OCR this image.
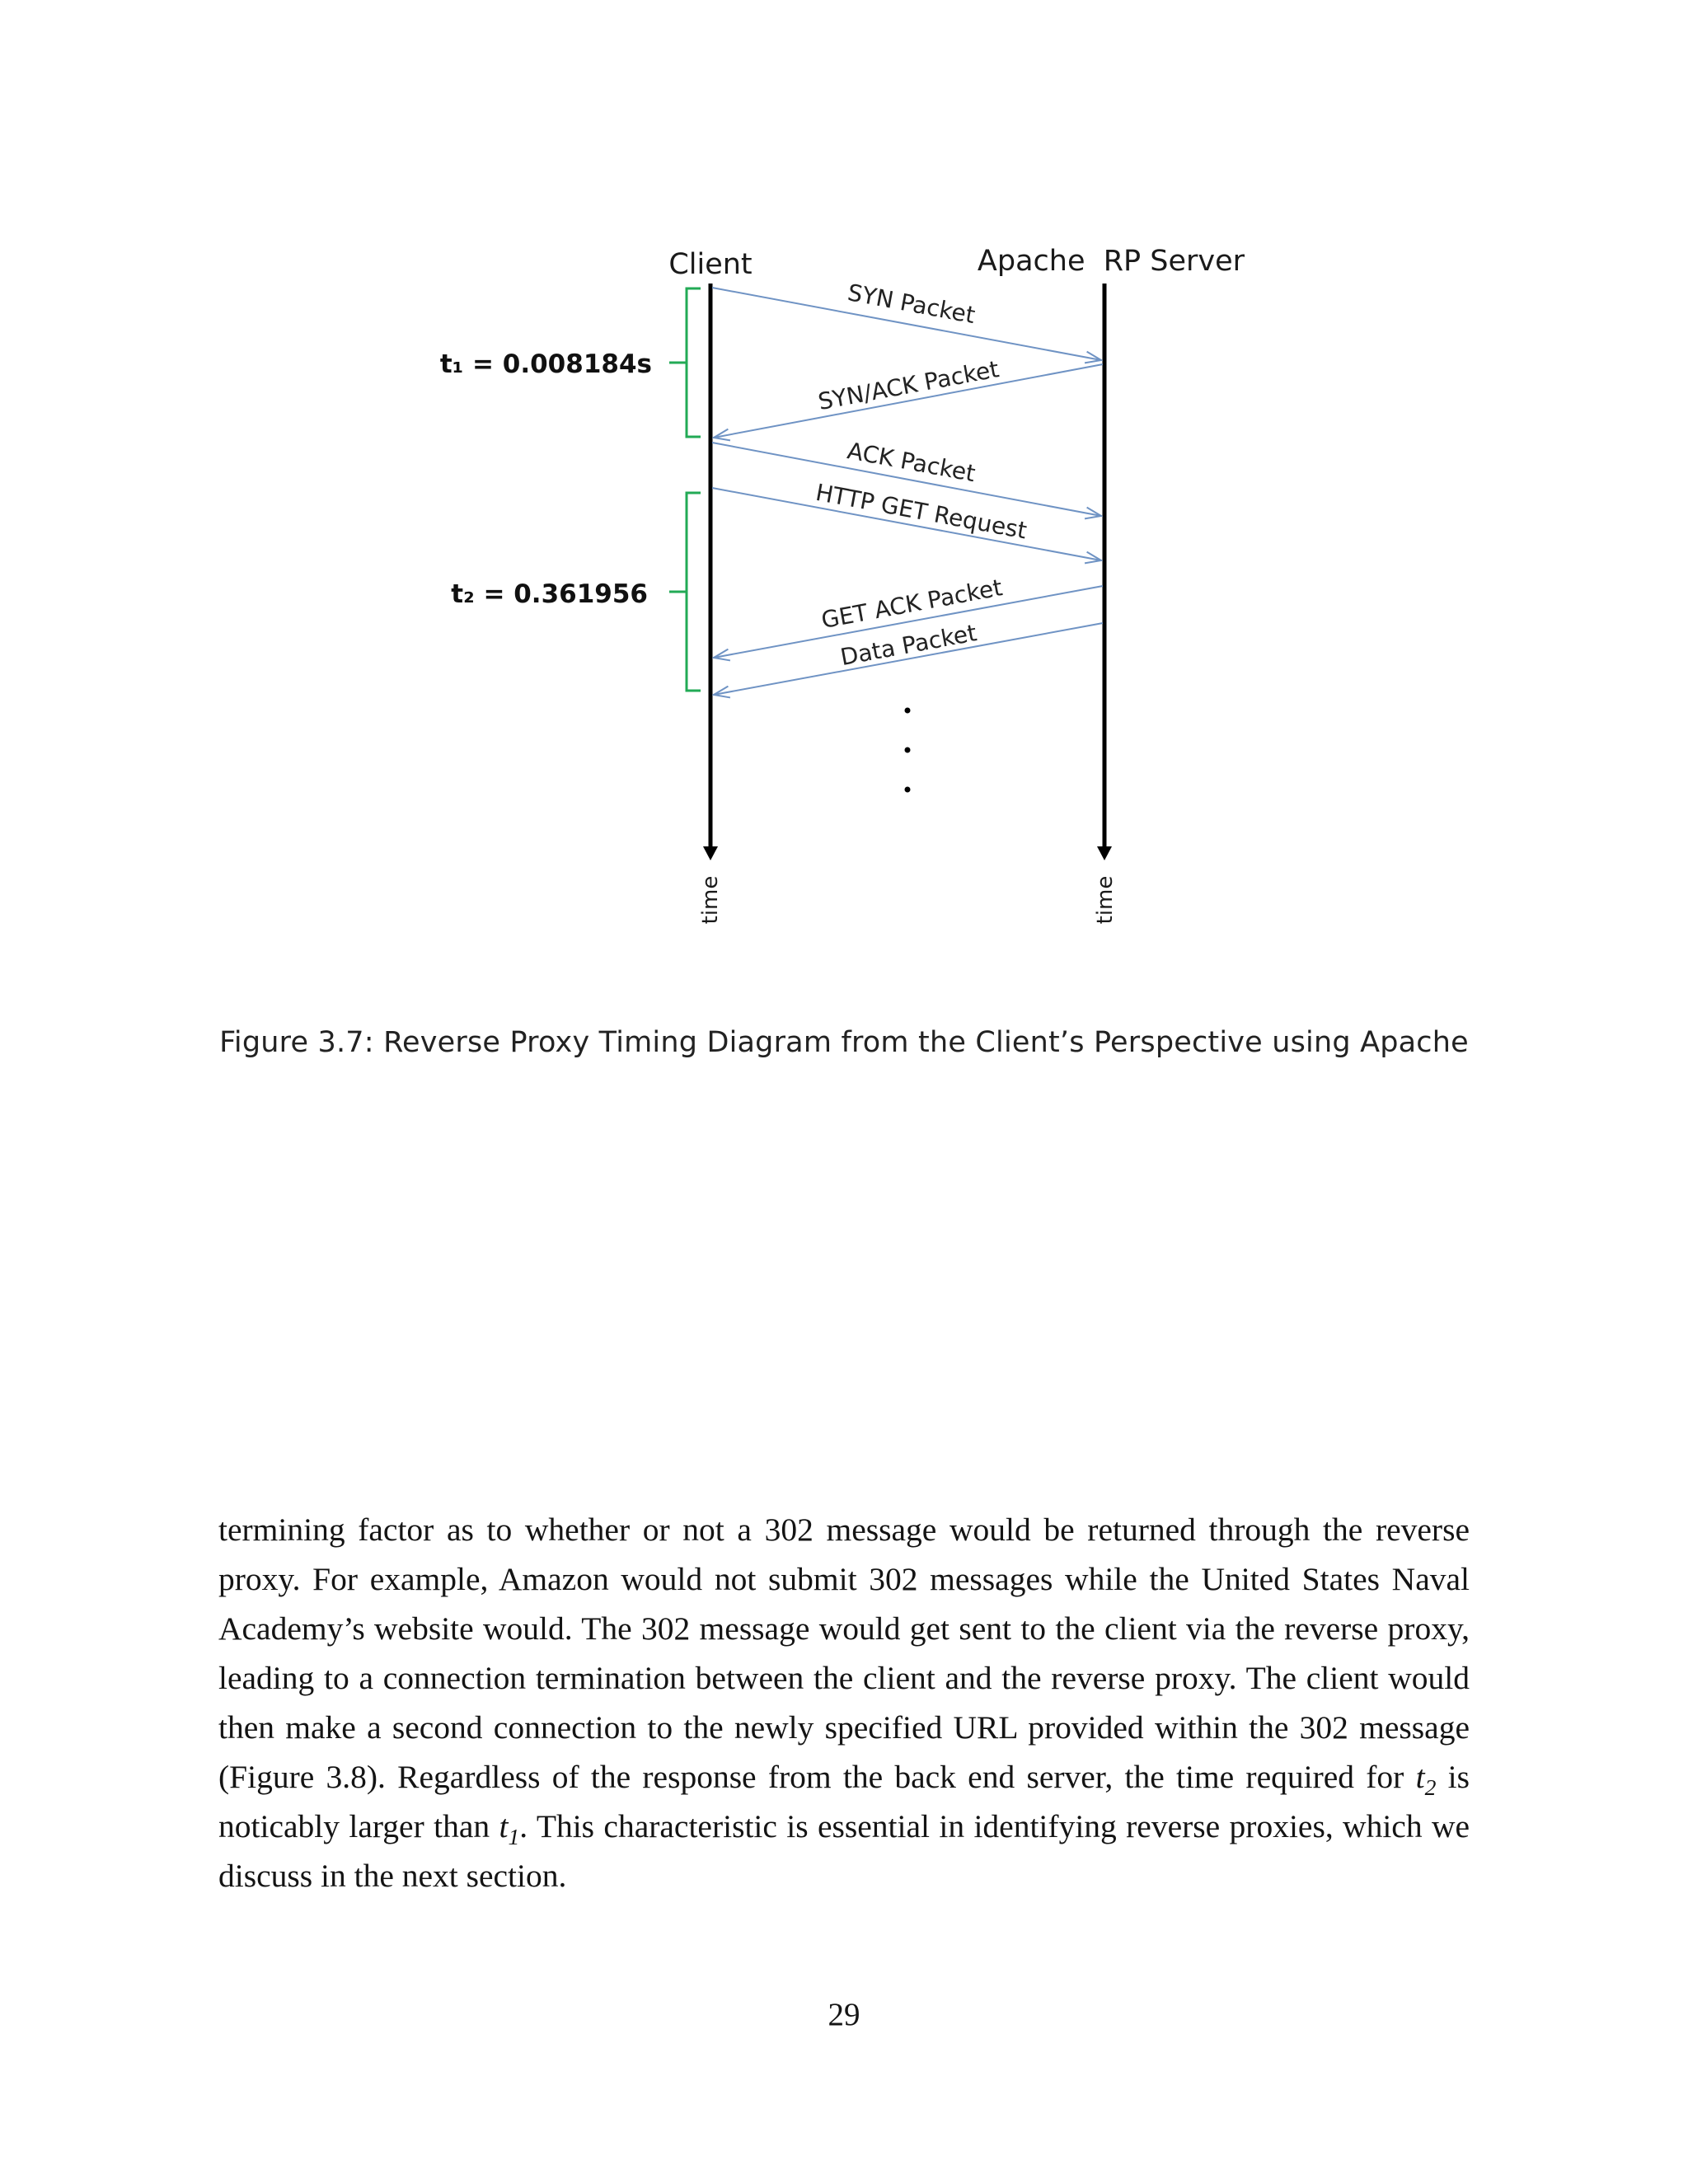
Client	Apache  RP Server
time	time
SYN Packet
SYN/ACK Packet
ACK Packet
HTTP GET Request
GET ACK Packet
Data Packet
t₁ = 0.008184s
t₂ = 0.361956
Figure 3.7: Reverse Proxy Timing Diagram from the Client’s Perspective using Apache
termining factor as to whether or not a 302 message would be returned through the reverse
proxy. For example, Amazon would not submit 302 messages while the United States Naval
Academy’s website would. The 302 message would get sent to the client via the reverse proxy,
leading to a connection termination between the client and the reverse proxy. The client would
then make a second connection to the newly specified URL provided within the 302 message
(Figure 3.8). Regardless of the response from the back end server, the time required for $t_2$ is
noticably larger than $t_1$. This characteristic is essential in identifying reverse proxies, which we
discuss in the next section.
29
